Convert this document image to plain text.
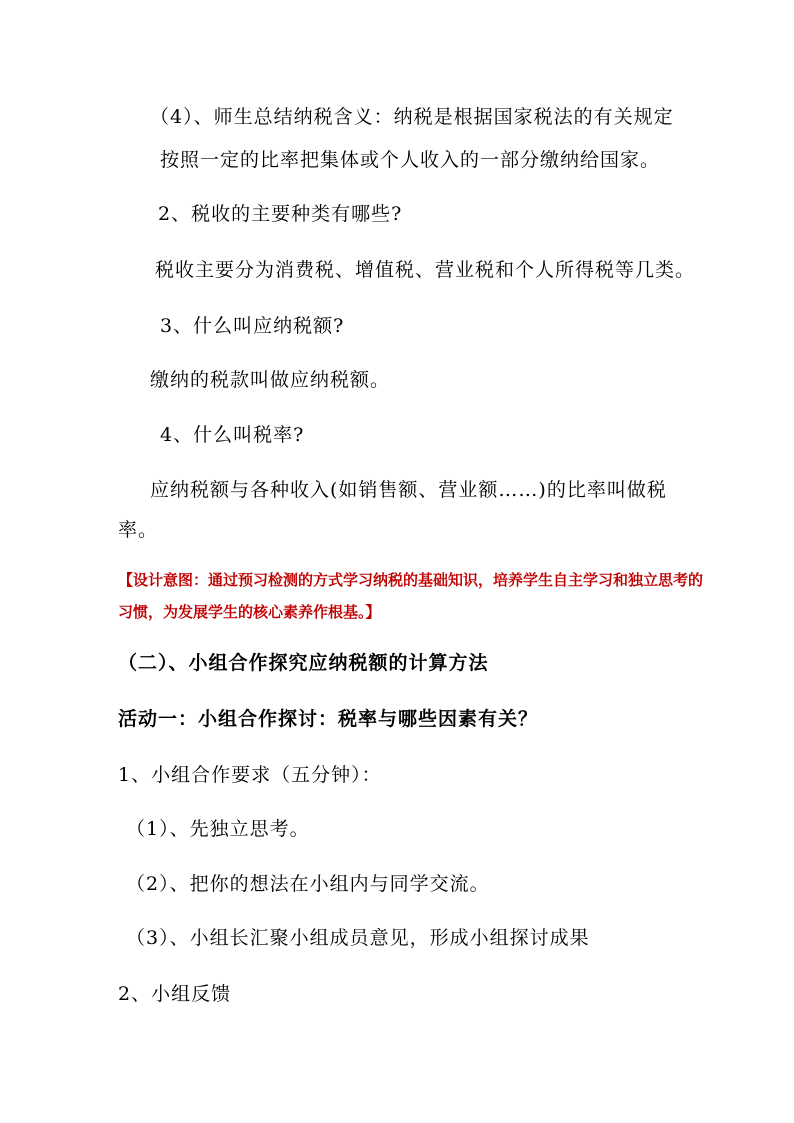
（4）、师生总结纳税含义：纳税是根据国家税法的有关规定
按照一定的比率把集体或个人收入的一部分缴纳给国家。
2、税收的主要种类有哪些?
税收主要分为消费税、增值税、营业税和个人所得税等几类。
3、什么叫应纳税额?
缴纳的税款叫做应纳税额。
4、什么叫税率?
应纳税额与各种收入(如销售额、营业额……)的比率叫做税
率。
【设计意图：通过预习检测的方式学习纳税的基础知识，培养学生自主学习和独立思考的
习惯，为发展学生的核心素养作根基。】
（二）、小组合作探究应纳税额的计算方法
活动一：小组合作探讨：税率与哪些因素有关？
1、小组合作要求（五分钟）：
（1）、先独立思考。
（2）、把你的想法在小组内与同学交流。
（3）、小组长汇聚小组成员意见，形成小组探讨成果
2、小组反馈
